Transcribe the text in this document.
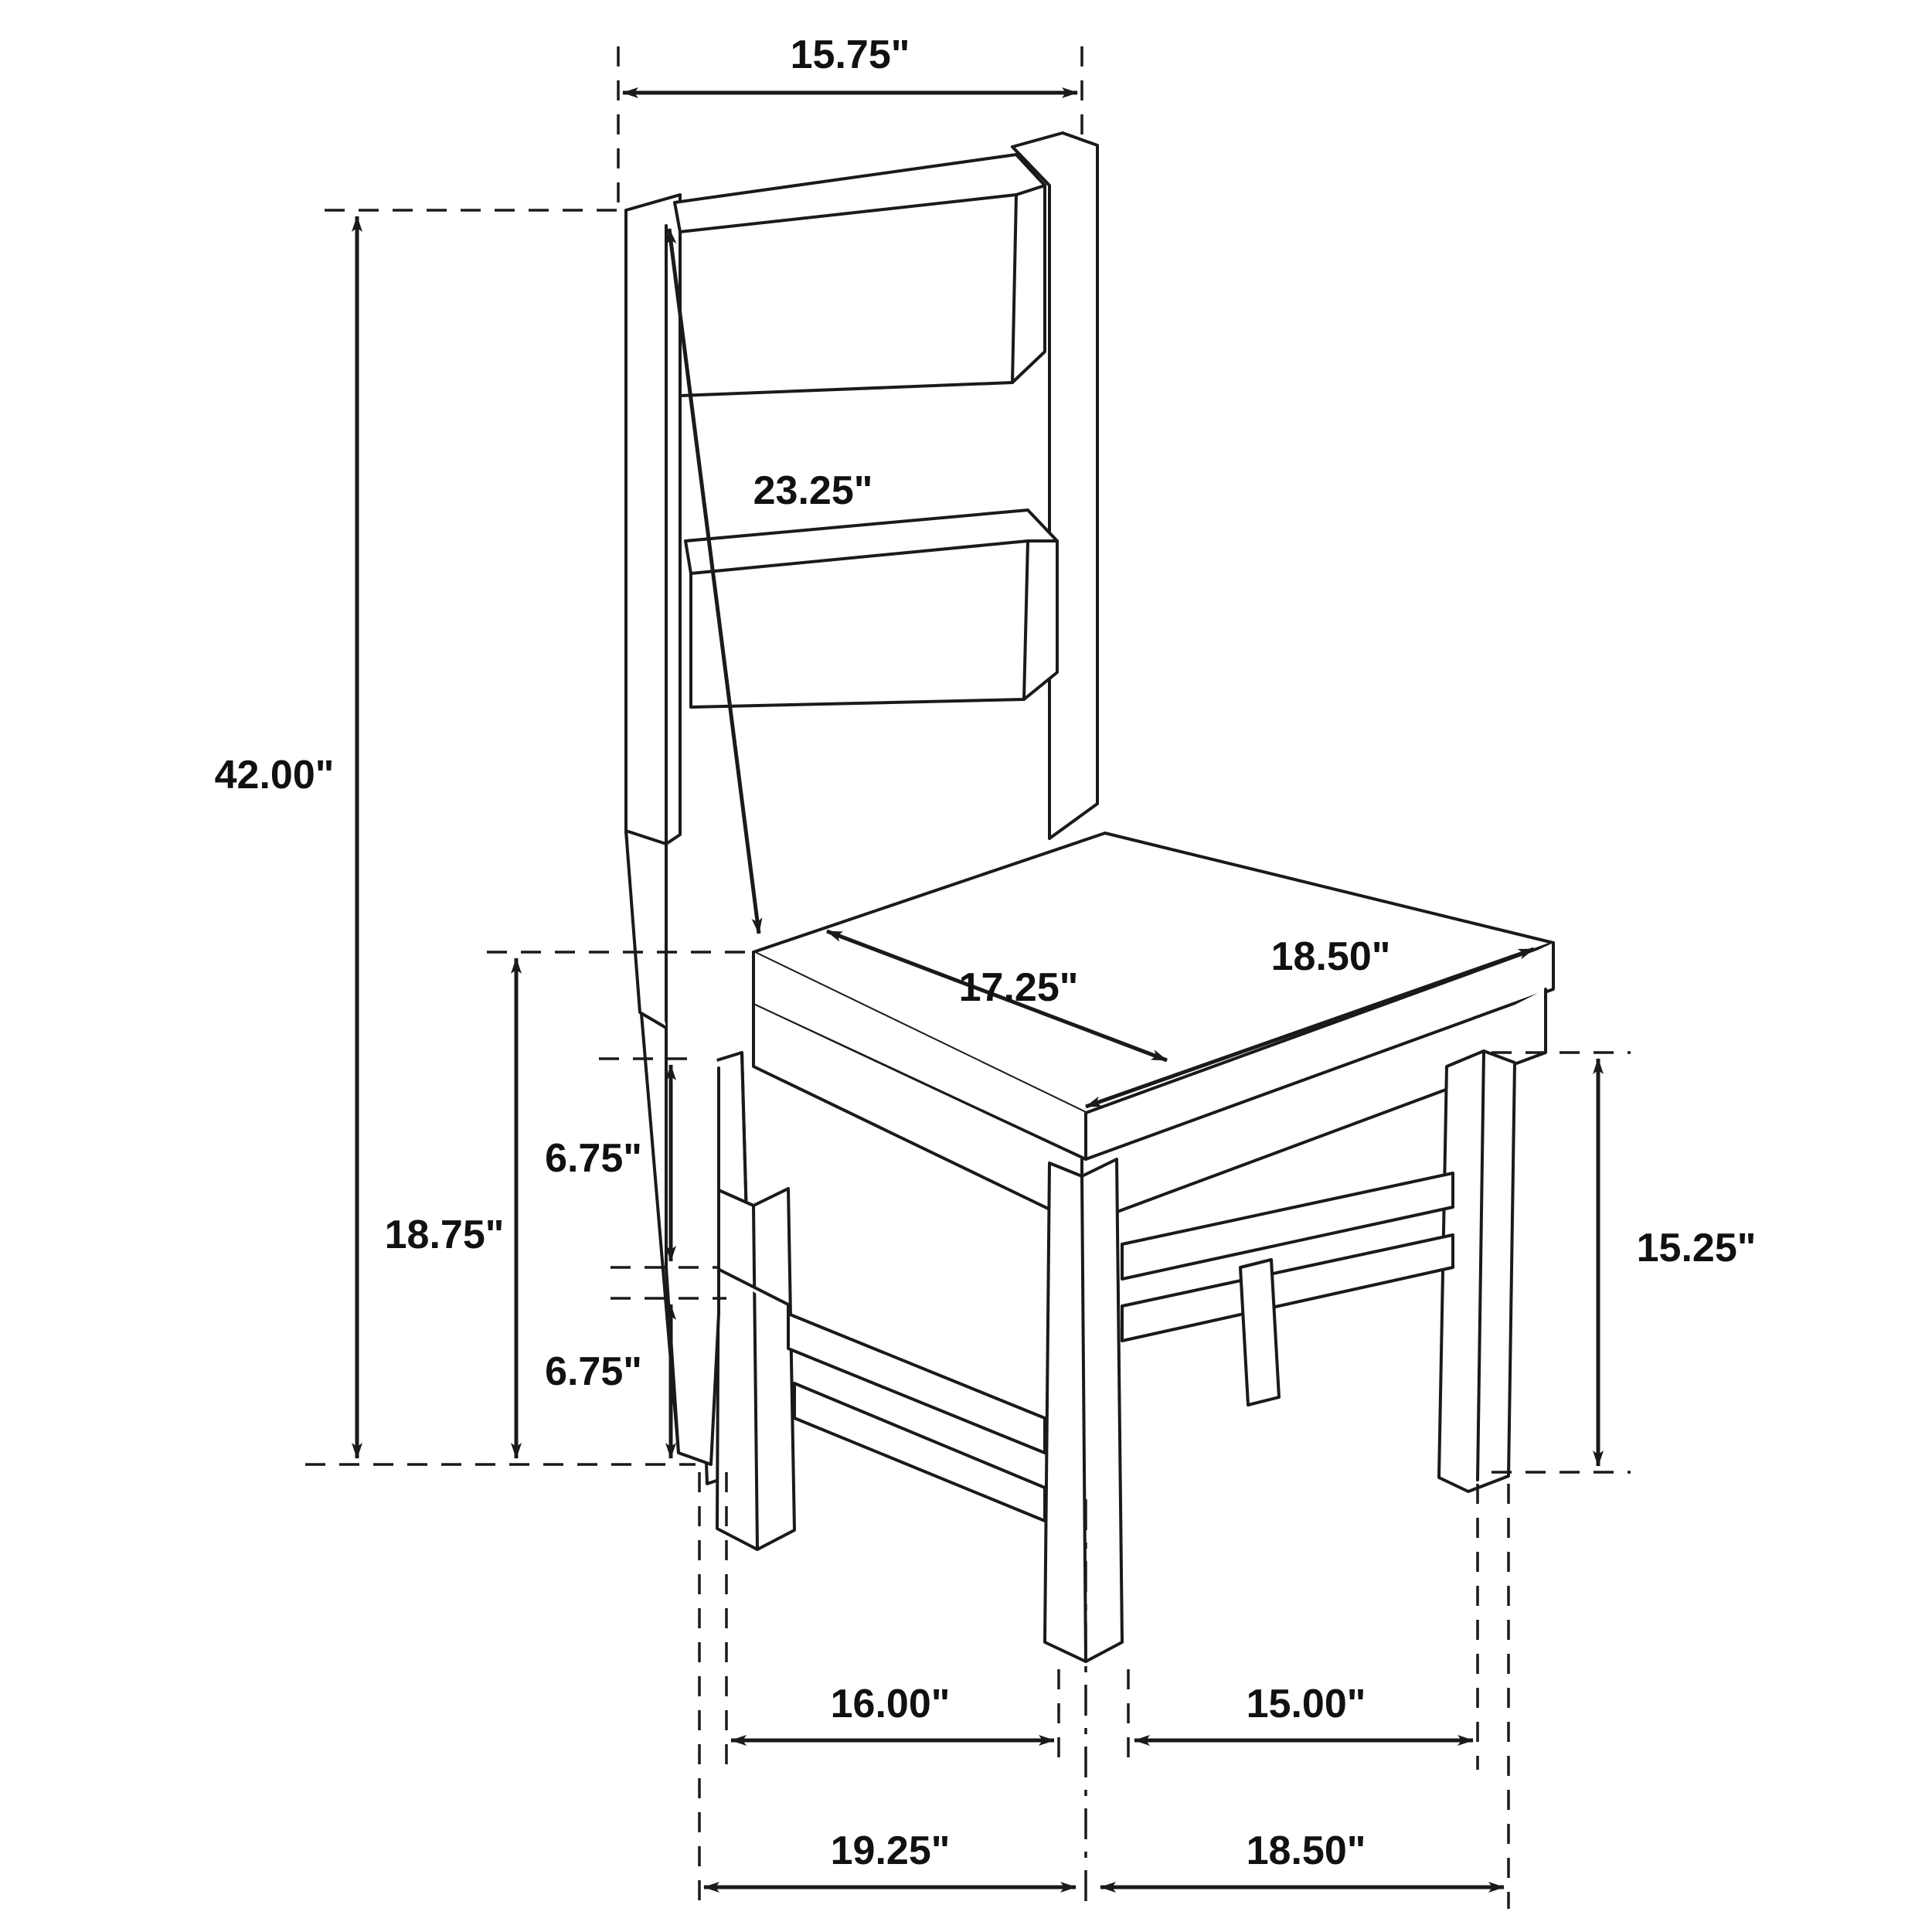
15.75"
23.25"
42.00"
18.75"
6.75"
6.75"
17.25"
18.50"
15.25"
16.00"	15.00"
19.25"	18.50"
